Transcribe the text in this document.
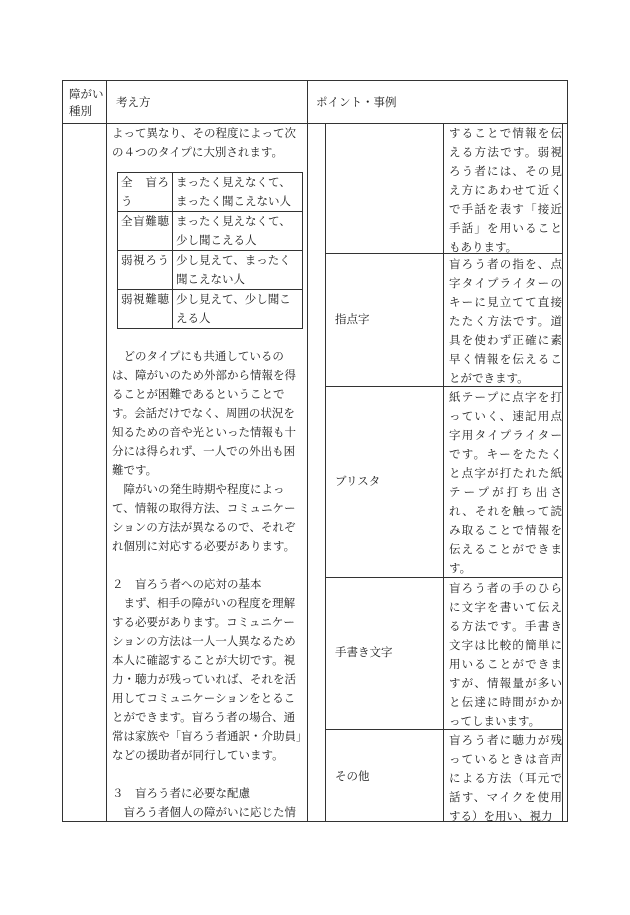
障がい
種別
考え方	ポイント・事例

よって異なり、その程度によって次

の４つのタイプに大別されます。

全　盲ろう	まったく見えなくて、まったく聞こえない人
全盲難聴	まったく見えなくて、少し聞こえる人
弱視ろう	少し見えて、まったく聞こえない人
弱視難聴	少し見えて、少し聞こえる人

どのタイプにも共通しているのは、障がいのため外部から情報を得ることが困難であるということです。会話だけでなく、周囲の状況を知るための音や光といった情報も十分には得られず、一人での外出も困難です。

障がいの発生時期や程度によって、情報の取得方法、コミュニケーションの方法が異なるので、それぞれ個別に対応する必要があります。

２　盲ろう者への応対の基本

まず、相手の障がいの程度を理解する必要があります。コミュニケーションの方法は一人一人異なるため本人に確認することが大切です。視力・聴力が残っていれば、それを活用してコミュニケーションをとることができます。盲ろう者の場合、通常は家族や「盲ろう者通訳・介助員」などの援助者が同行しています。

３　盲ろう者に必要な配慮

盲ろう者個人の障がいに応じた情

することで情報を伝える方法です。弱視ろう者には、その見え方にあわせて近くで手話を表す「接近手話」を用いることもあります。
指点字
盲ろう者の指を、点字タイプライターのキーに見立てて直接たたく方法です。道具を使わず正確に素早く情報を伝えることができます。
ブリスタ
紙テープに点字を打っていく、速記用点字用タイプライターです。キーをたたくと点字が打たれた紙テープが打ち出され、それを触って読み取ることで情報を伝えることができます。
手書き文字
盲ろう者の手のひらに文字を書いて伝える方法です。手書き文字は比較的簡単に用いることができますが、情報量が多いと伝達に時間がかかってしまいます。
その他
盲ろう者に聴力が残っているときは音声による方法（耳元で話す、マイクを使用する）を用い、視力
